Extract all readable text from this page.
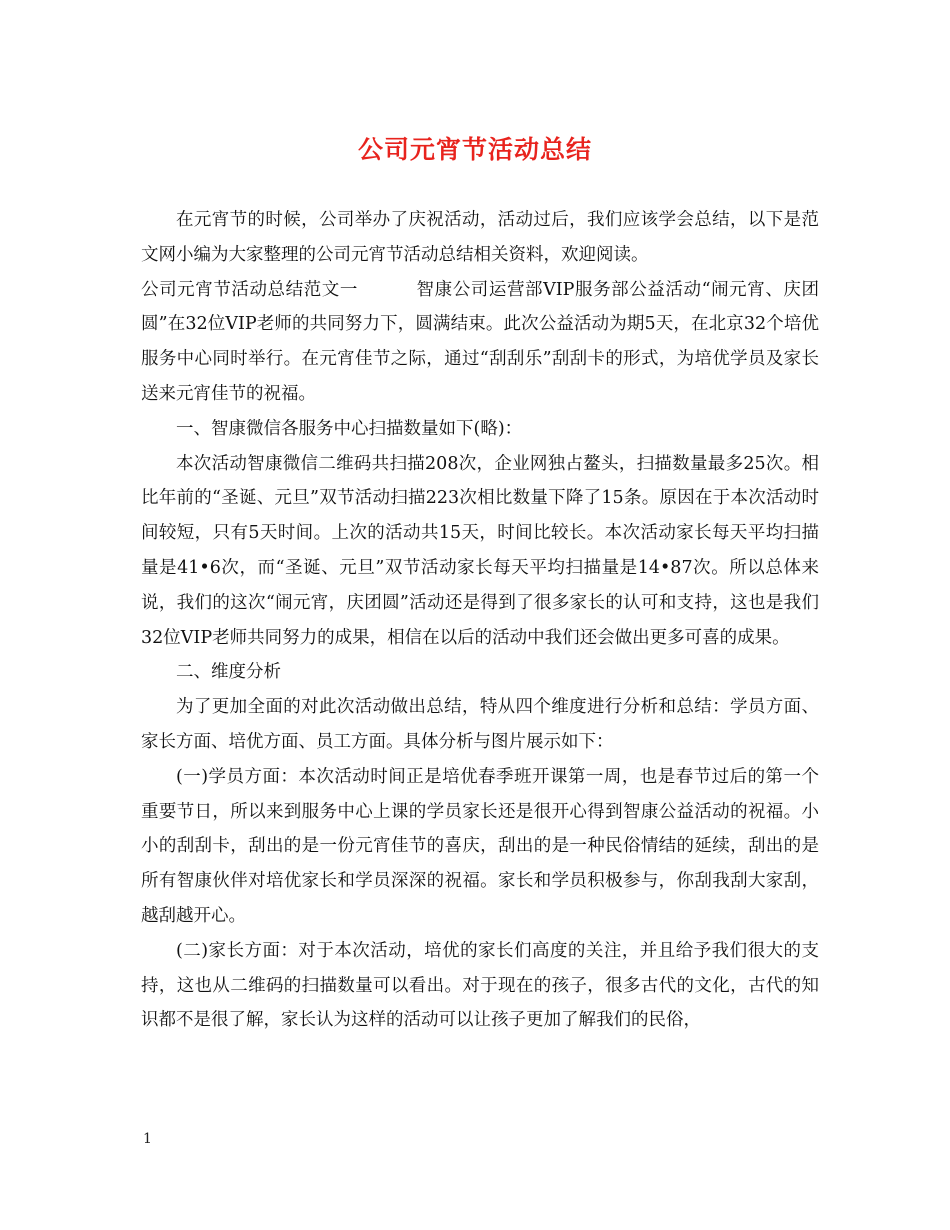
公司元宵节活动总结

在元宵节的时候，公司举办了庆祝活动，活动过后，我们应该学会总结，以下是范文网小编为大家整理的公司元宵节活动总结相关资料，欢迎阅读。

公司元宵节活动总结范文一	智康公司运营部VIP服务部公益活动“闹元宵、庆团圆”在32位VIP老师的共同努力下，圆满结束。此次公益活动为期5天，在北京32个培优服务中心同时举行。在元宵佳节之际，通过“刮刮乐”刮刮卡的形式，为培优学员及家长送来元宵佳节的祝福。

一、智康微信各服务中心扫描数量如下(略)：

本次活动智康微信二维码共扫描208次，企业网独占鳌头，扫描数量最多25次。相比年前的“圣诞、元旦”双节活动扫描223次相比数量下降了15条。原因在于本次活动时间较短，只有5天时间。上次的活动共15天，时间比较长。本次活动家长每天平均扫描量是41•6次，而“圣诞、元旦”双节活动家长每天平均扫描量是14•87次。所以总体来说，我们的这次“闹元宵，庆团圆”活动还是得到了很多家长的认可和支持，这也是我们32位VIP老师共同努力的成果，相信在以后的活动中我们还会做出更多可喜的成果。

二、维度分析

为了更加全面的对此次活动做出总结，特从四个维度进行分析和总结：学员方面、家长方面、培优方面、员工方面。具体分析与图片展示如下：

(一)学员方面：本次活动时间正是培优春季班开课第一周，也是春节过后的第一个重要节日，所以来到服务中心上课的学员家长还是很开心得到智康公益活动的祝福。小小的刮刮卡，刮出的是一份元宵佳节的喜庆，刮出的是一种民俗情结的延续，刮出的是所有智康伙伴对培优家长和学员深深的祝福。家长和学员积极参与，你刮我刮大家刮，越刮越开心。

(二)家长方面：对于本次活动，培优的家长们高度的关注，并且给予我们很大的支持，这也从二维码的扫描数量可以看出。对于现在的孩子，很多古代的文化，古代的知识都不是很了解，家长认为这样的活动可以让孩子更加了解我们的民俗，

1
